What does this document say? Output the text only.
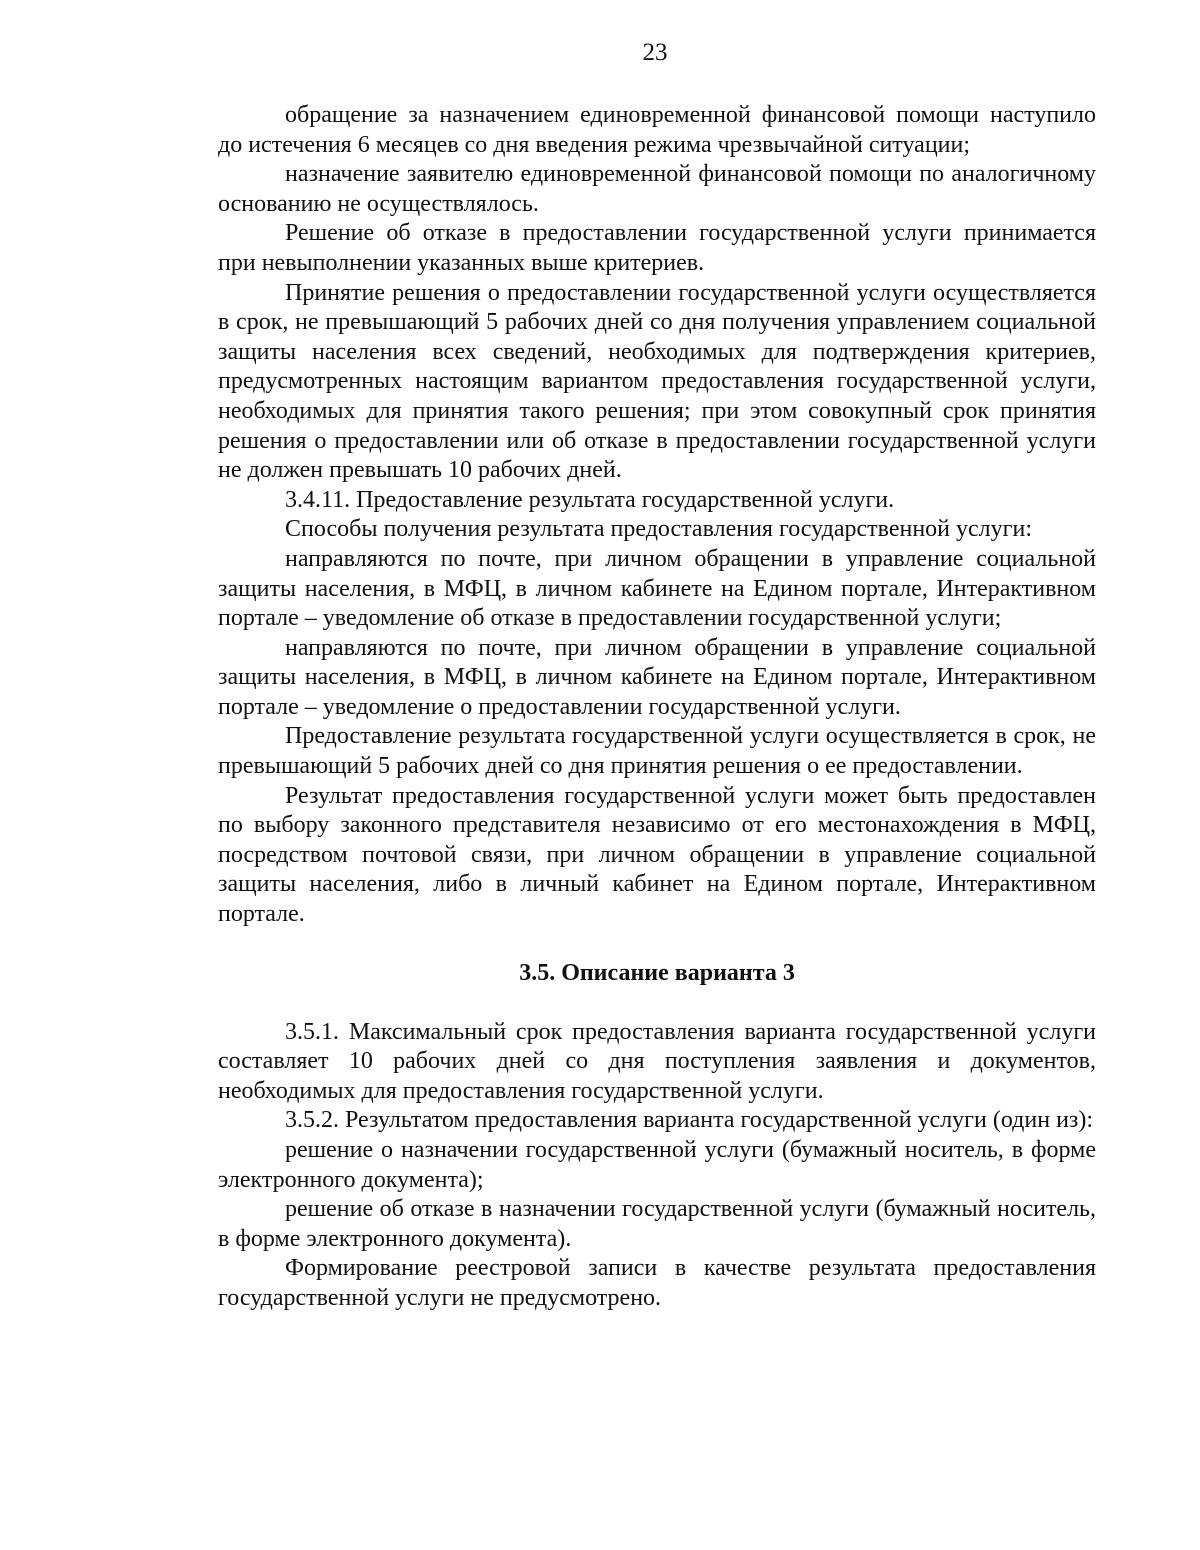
23

обращение за назначением единовременной финансовой помощи наступило до истечения 6 месяцев со дня введения режима чрезвычайной ситуации;

назначение заявителю единовременной финансовой помощи по аналогичному основанию не осуществлялось.

Решение об отказе в предоставлении государственной услуги принимается при невыполнении указанных выше критериев.

Принятие решения о предоставлении государственной услуги осуществляется в срок, не превышающий 5 рабочих дней со дня получения управлением социальной защиты населения всех сведений, необходимых для подтверждения критериев, предусмотренных настоящим вариантом предоставления государственной услуги, необходимых для принятия такого решения; при этом совокупный срок принятия решения о предоставлении или об отказе в предоставлении государственной услуги не должен превышать 10 рабочих дней.

3.4.11. Предоставление результата государственной услуги.

Способы получения результата предоставления государственной услуги:

направляются по почте, при личном обращении в управление социальной защиты населения, в МФЦ, в личном кабинете на Едином портале, Интерактивном портале – уведомление об отказе в предоставлении государственной услуги;

направляются по почте, при личном обращении в управление социальной защиты населения, в МФЦ, в личном кабинете на Едином портале, Интерактивном портале – уведомление о предоставлении государственной услуги.

Предоставление результата государственной услуги осуществляется в срок, не превышающий 5 рабочих дней со дня принятия решения о ее предоставлении.

Результат предоставления государственной услуги может быть предоставлен по выбору законного представителя независимо от его местонахождения в МФЦ, посредством почтовой связи, при личном обращении в управление социальной защиты населения, либо в личный кабинет на Едином портале, Интерактивном портале.

3.5. Описание варианта 3

3.5.1. Максимальный срок предоставления варианта государственной услуги составляет 10 рабочих дней со дня поступления заявления и документов, необходимых для предоставления государственной услуги.

3.5.2. Результатом предоставления варианта государственной услуги (один из):

решение о назначении государственной услуги (бумажный носитель, в форме электронного документа);

решение об отказе в назначении государственной услуги (бумажный носитель, в форме электронного документа).

Формирование реестровой записи в качестве результата предоставления государственной услуги не предусмотрено.
